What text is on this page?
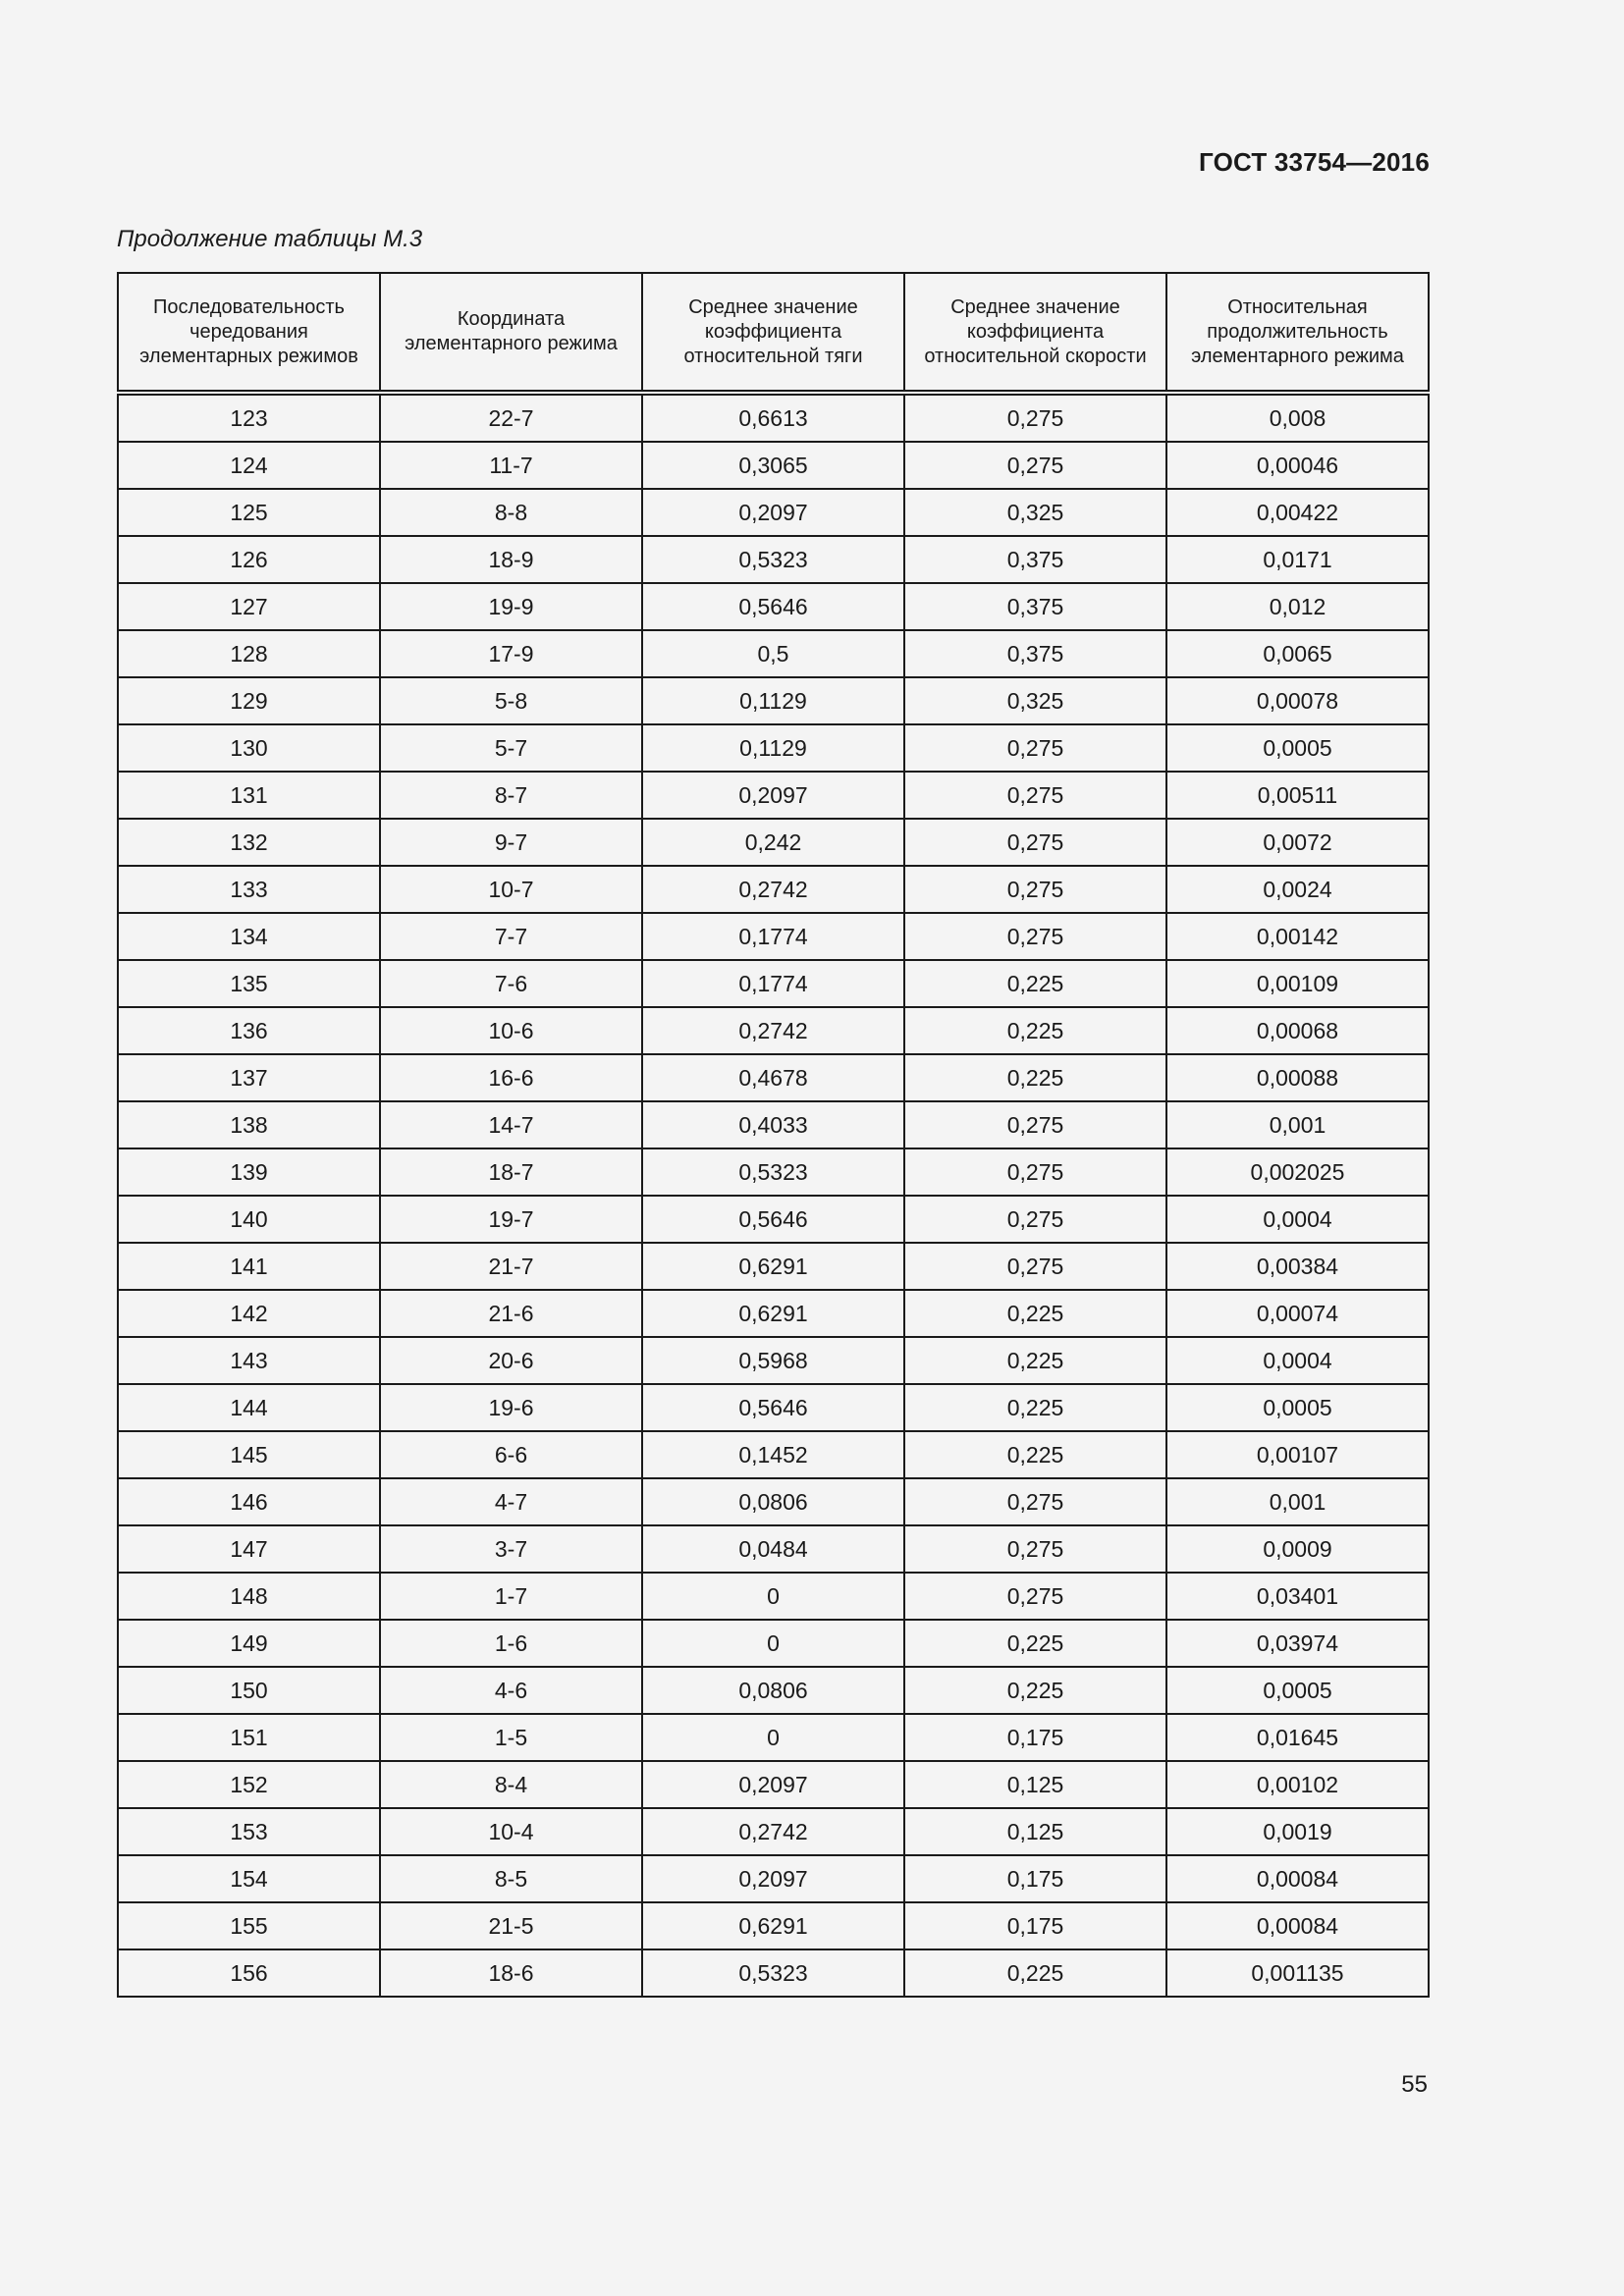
ГОСТ 33754—2016
Продолжение таблицы М.3
Последовательность чередования элементарных режимов	Координата элементарного режима	Среднее значение коэффициента относительной тяги	Среднее значение коэффициента относительной скорости	Относительная продолжительность элементарного режима
123	22-7	0,6613	0,275	0,008
124	11-7	0,3065	0,275	0,00046
125	8-8	0,2097	0,325	0,00422
126	18-9	0,5323	0,375	0,0171
127	19-9	0,5646	0,375	0,012
128	17-9	0,5	0,375	0,0065
129	5-8	0,1129	0,325	0,00078
130	5-7	0,1129	0,275	0,0005
131	8-7	0,2097	0,275	0,00511
132	9-7	0,242	0,275	0,0072
133	10-7	0,2742	0,275	0,0024
134	7-7	0,1774	0,275	0,00142
135	7-6	0,1774	0,225	0,00109
136	10-6	0,2742	0,225	0,00068
137	16-6	0,4678	0,225	0,00088
138	14-7	0,4033	0,275	0,001
139	18-7	0,5323	0,275	0,002025
140	19-7	0,5646	0,275	0,0004
141	21-7	0,6291	0,275	0,00384
142	21-6	0,6291	0,225	0,00074
143	20-6	0,5968	0,225	0,0004
144	19-6	0,5646	0,225	0,0005
145	6-6	0,1452	0,225	0,00107
146	4-7	0,0806	0,275	0,001
147	3-7	0,0484	0,275	0,0009
148	1-7	0	0,275	0,03401
149	1-6	0	0,225	0,03974
150	4-6	0,0806	0,225	0,0005
151	1-5	0	0,175	0,01645
152	8-4	0,2097	0,125	0,00102
153	10-4	0,2742	0,125	0,0019
154	8-5	0,2097	0,175	0,00084
155	21-5	0,6291	0,175	0,00084
156	18-6	0,5323	0,225	0,001135
55
